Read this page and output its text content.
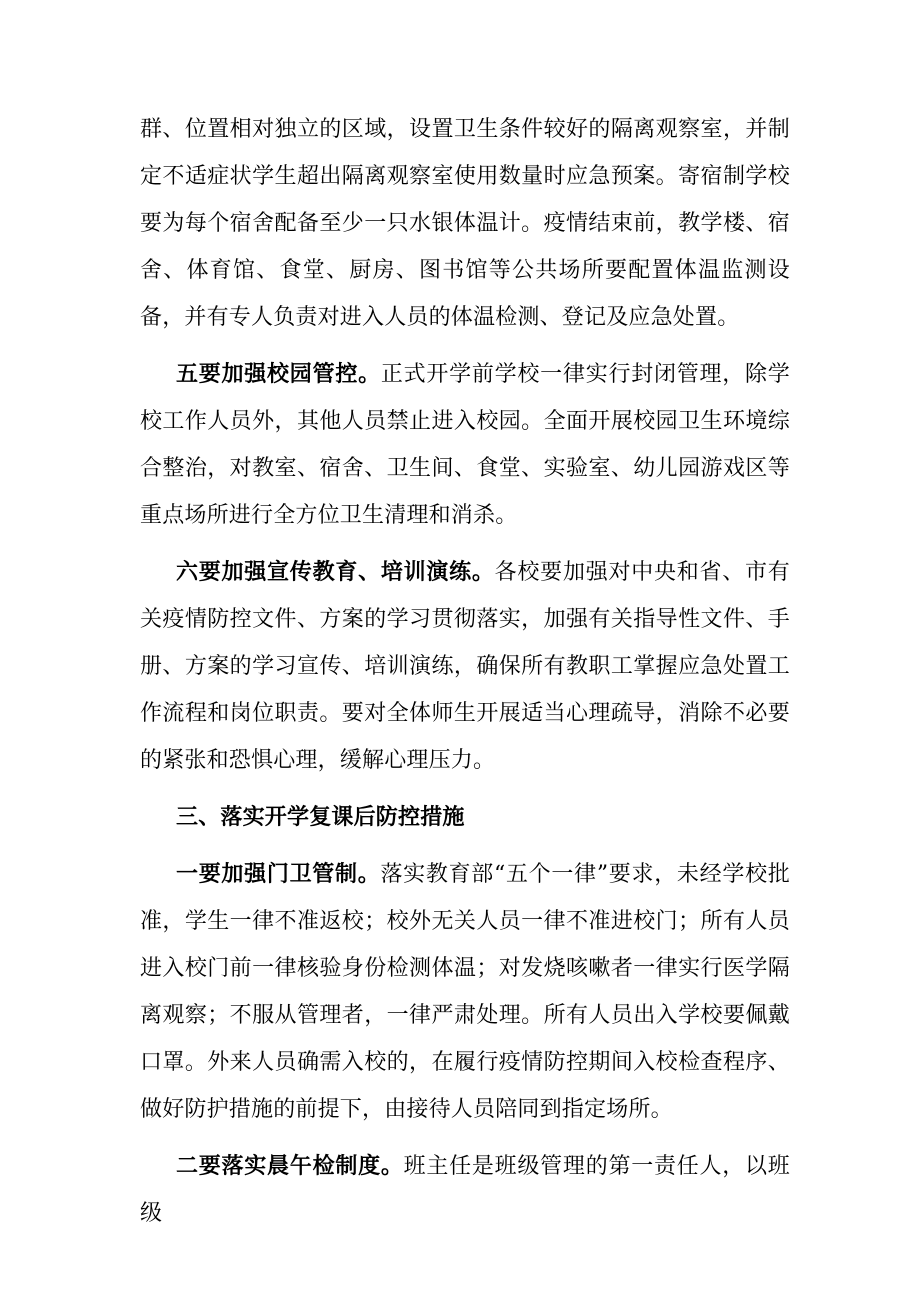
群、位置相对独立的区域，设置卫生条件较好的隔离观察室，并制定不适症状学生超出隔离观察室使用数量时应急预案。寄宿制学校要为每个宿舍配备至少一只水银体温计。疫情结束前，教学楼、宿舍、体育馆、食堂、厨房、图书馆等公共场所要配置体温监测设备，并有专人负责对进入人员的体温检测、登记及应急处置。

五要加强校园管控。正式开学前学校一律实行封闭管理，除学校工作人员外，其他人员禁止进入校园。全面开展校园卫生环境综合整治，对教室、宿舍、卫生间、食堂、实验室、幼儿园游戏区等重点场所进行全方位卫生清理和消杀。

六要加强宣传教育、培训演练。各校要加强对中央和省、市有关疫情防控文件、方案的学习贯彻落实，加强有关指导性文件、手册、方案的学习宣传、培训演练，确保所有教职工掌握应急处置工作流程和岗位职责。要对全体师生开展适当心理疏导，消除不必要的紧张和恐惧心理，缓解心理压力。

三、落实开学复课后防控措施

一要加强门卫管制。落实教育部“五个一律”要求，未经学校批准，学生一律不准返校；校外无关人员一律不准进校门；所有人员进入校门前一律核验身份检测体温；对发烧咳嗽者一律实行医学隔离观察；不服从管理者，一律严肃处理。所有人员出入学校要佩戴口罩。外来人员确需入校的，在履行疫情防控期间入校检查程序、做好防护措施的前提下，由接待人员陪同到指定场所。

二要落实晨午检制度。班主任是班级管理的第一责任人，以班级
